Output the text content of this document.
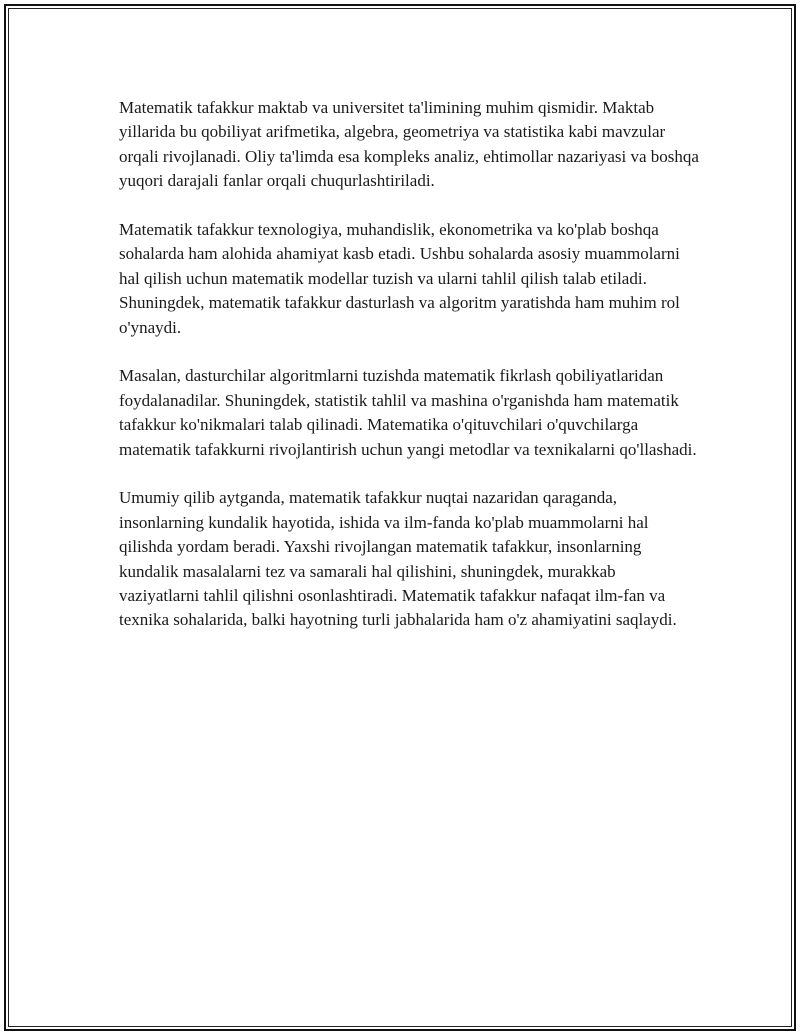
Matematik tafakkur maktab va universitet ta'limining muhim qismidir. Maktab yillarida bu qobiliyat arifmetika, algebra, geometriya va statistika kabi mavzular orqali rivojlanadi. Oliy ta'limda esa kompleks analiz, ehtimollar nazariyasi va boshqa yuqori darajali fanlar orqali chuqurlashtiriladi.

Matematik tafakkur texnologiya, muhandislik, ekonometrika va ko'plab boshqa sohalarda ham alohida ahamiyat kasb etadi. Ushbu sohalarda asosiy muammolarni hal qilish uchun matematik modellar tuzish va ularni tahlil qilish talab etiladi. Shuningdek, matematik tafakkur dasturlash va algoritm yaratishda ham muhim rol o'ynaydi.

Masalan, dasturchilar algoritmlarni tuzishda matematik fikrlash qobiliyatlaridan foydalanadilar. Shuningdek, statistik tahlil va mashina o'rganishda ham matematik tafakkur ko'nikmalari talab qilinadi. Matematika o'qituvchilari o'quvchilarga matematik tafakkurni rivojlantirish uchun yangi metodlar va texnikalarni qo'llashadi.

Umumiy qilib aytganda, matematik tafakkur nuqtai nazaridan qaraganda, insonlarning kundalik hayotida, ishida va ilm-fanda ko'plab muammolarni hal qilishda yordam beradi. Yaxshi rivojlangan matematik tafakkur, insonlarning kundalik masalalarni tez va samarali hal qilishini, shuningdek, murakkab vaziyatlarni tahlil qilishni osonlashtiradi. Matematik tafakkur nafaqat ilm-fan va texnika sohalarida, balki hayotning turli jabhalarida ham o'z ahamiyatini saqlaydi.
